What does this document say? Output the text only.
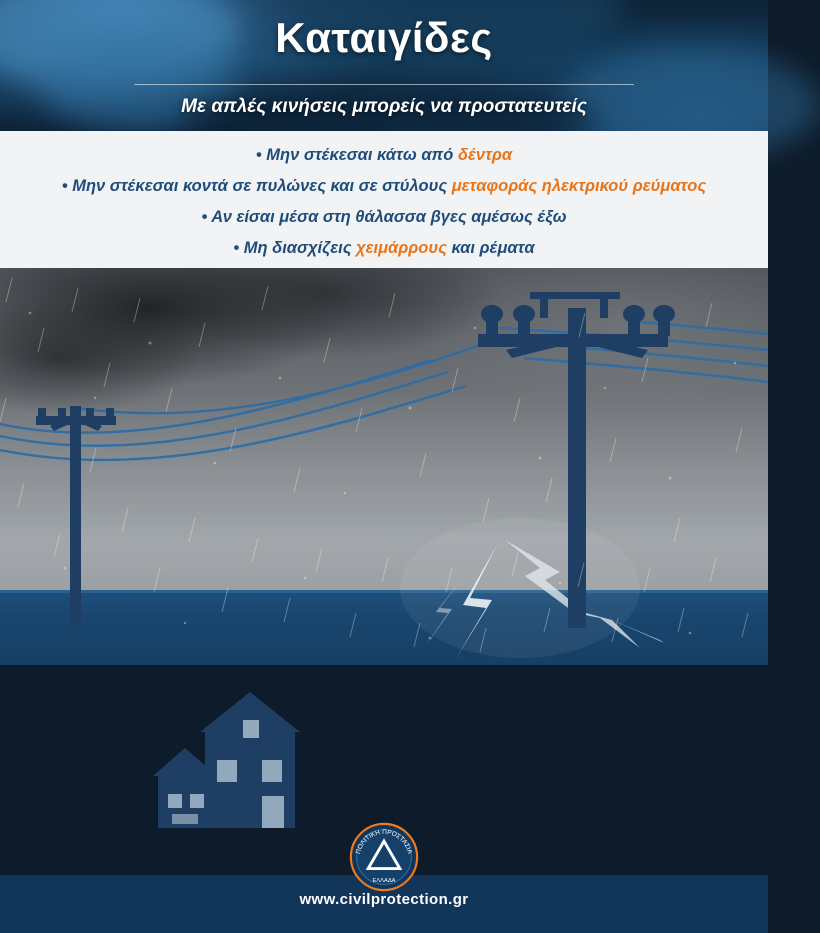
Καταιγίδες
Με απλές κινήσεις μπορείς να προστατευτείς
• Μην στέκεσαι κάτω από δέντρα
• Μην στέκεσαι κοντά σε πυλώνες και σε στύλους μεταφοράς ηλεκτρικού ρεύματος
• Αν είσαι μέσα στη θάλασσα βγες αμέσως έξω
• Μη διασχίζεις χειμάρρους και ρέματα
ΠΟΛΙΤΙΚΗ ΠΡΟΣΤΑΣΙΑ
ΕΛΛΑΔΑ
www.civilprotection.gr
